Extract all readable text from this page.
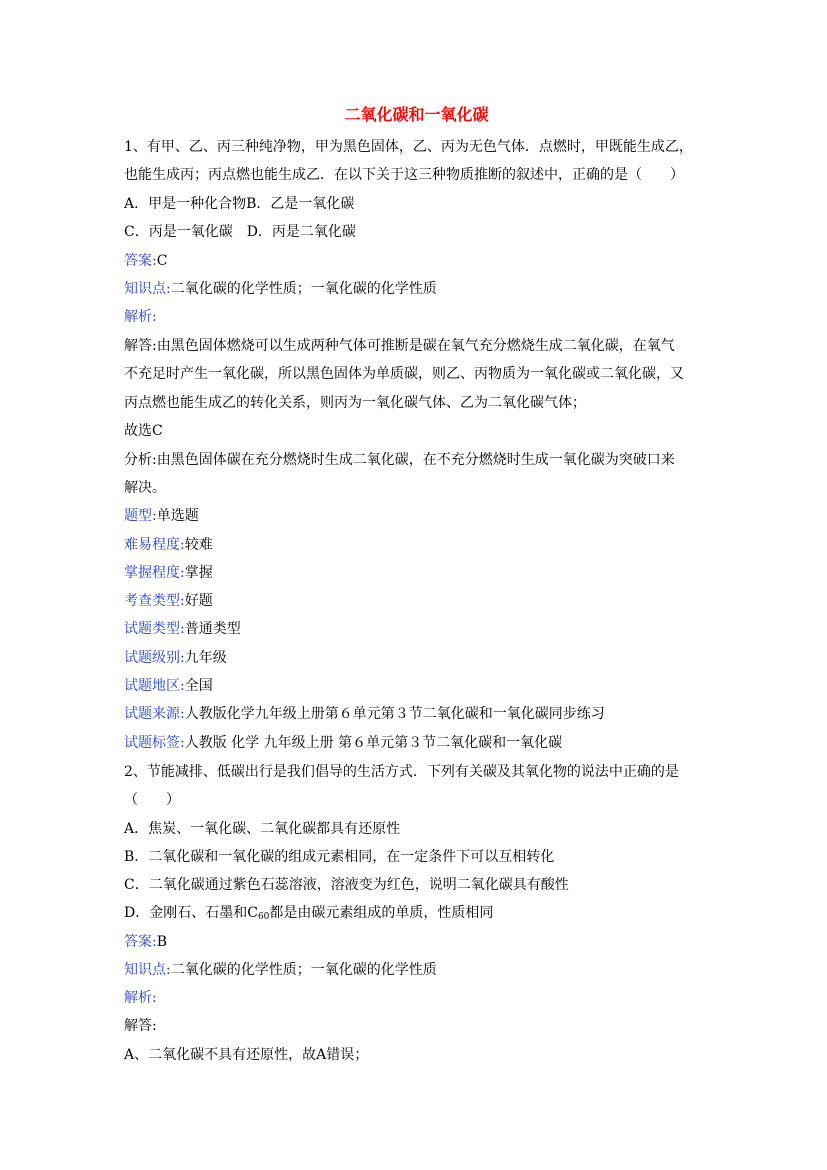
二氧化碳和一氧化碳

1、有甲、乙、丙三种纯净物，甲为黑色固体，乙、丙为无色气体．点燃时，甲既能生成乙，

也能生成丙；丙点燃也能生成乙．在以下关于这三种物质推断的叙述中，正确的是（　　）

A．甲是一种化合物B．乙是一氧化碳

C．丙是一氧化碳　D．丙是二氧化碳

答案:C

知识点:二氧化碳的化学性质；一氧化碳的化学性质

解析:

解答:由黑色固体燃烧可以生成两种气体可推断是碳在氧气充分燃烧生成二氧化碳，在氧气

不充足时产生一氧化碳，所以黑色固体为单质碳，则乙、丙物质为一氧化碳或二氧化碳，又

丙点燃也能生成乙的转化关系，则丙为一氧化碳气体、乙为二氧化碳气体；

故选C

分析:由黑色固体碳在充分燃烧时生成二氧化碳，在不充分燃烧时生成一氧化碳为突破口来

解决。

题型:单选题

难易程度:较难

掌握程度:掌握

考查类型:好题

试题类型:普通类型

试题级别:九年级

试题地区:全国

试题来源:人教版化学九年级上册第６单元第３节二氧化碳和一氧化碳同步练习

试题标签:人教版 化学 九年级上册 第６单元第３节二氧化碳和一氧化碳

2、节能减排、低碳出行是我们倡导的生活方式．下列有关碳及其氧化物的说法中正确的是

（　　）

A．焦炭、一氧化碳、二氧化碳都具有还原性

B．二氧化碳和一氧化碳的组成元素相同，在一定条件下可以互相转化

C．二氧化碳通过紫色石蕊溶液，溶液变为红色，说明二氧化碳具有酸性

D．金刚石、石墨和$C_{60}$都是由碳元素组成的单质，性质相同

答案:B

知识点:二氧化碳的化学性质；一氧化碳的化学性质

解析:

解答:

A、二氧化碳不具有还原性，故A错误；
